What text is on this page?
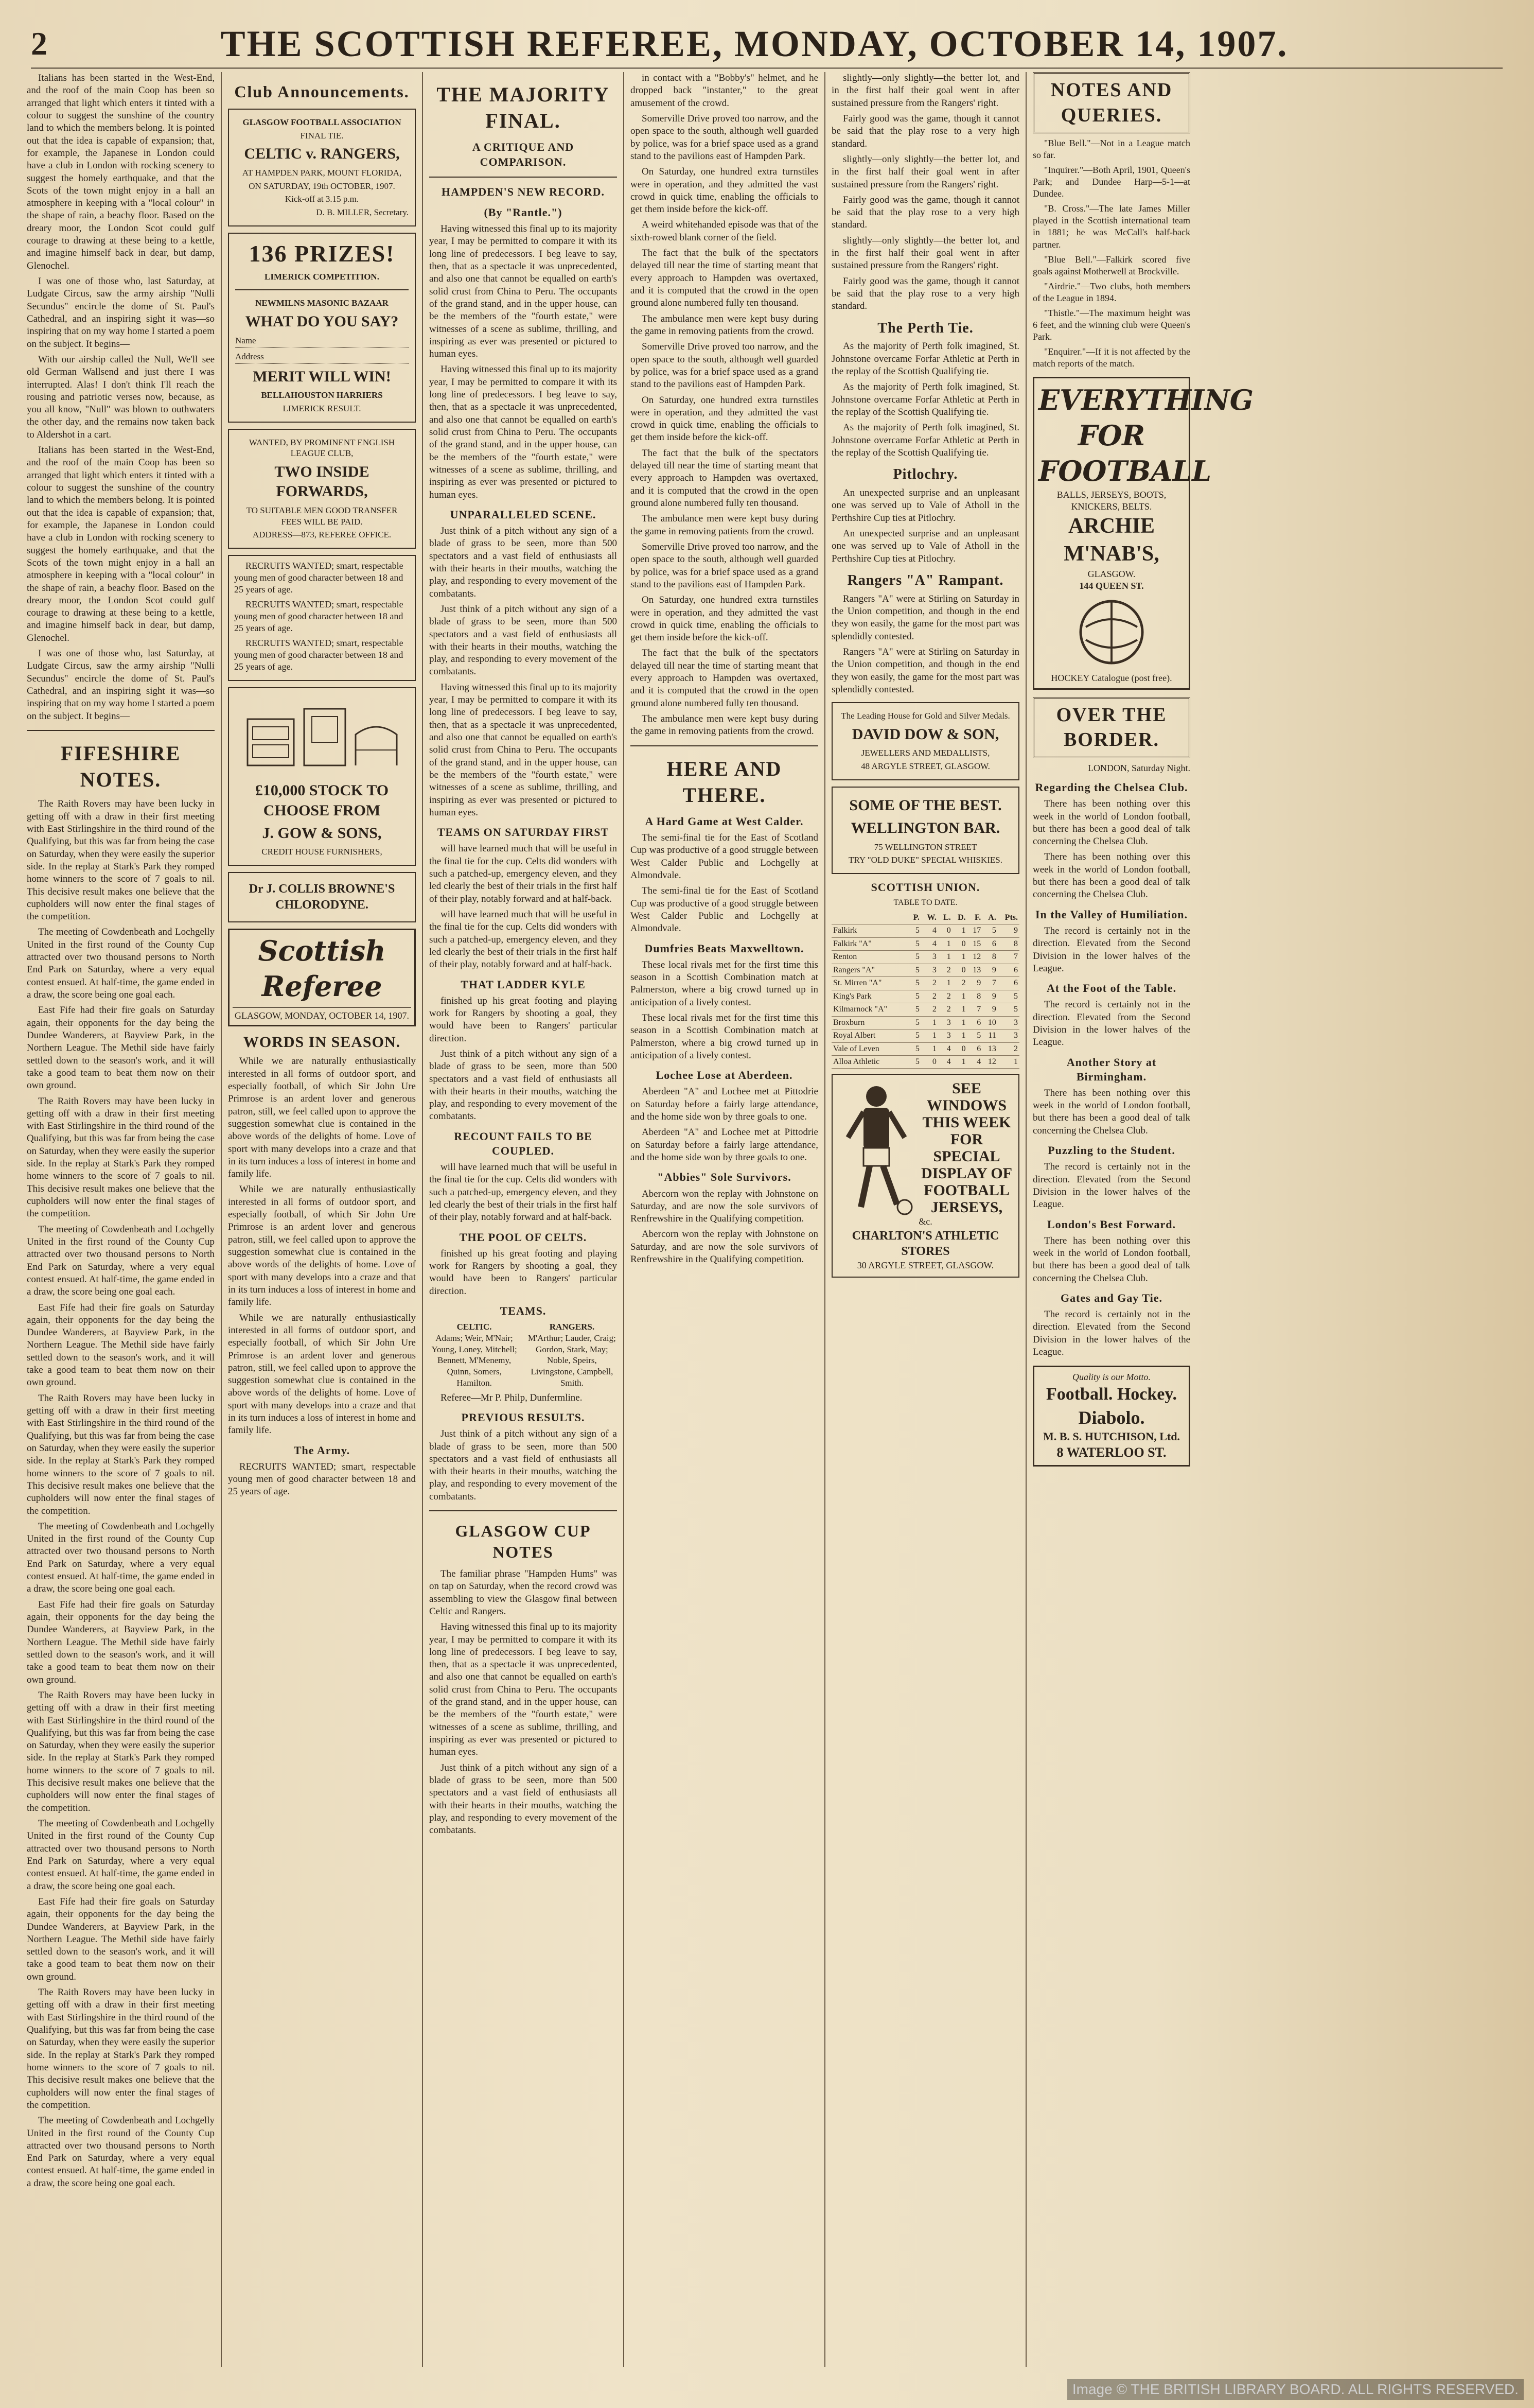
2	THE SCOTTISH REFEREE, MONDAY, OCTOBER 14, 1907.

Italians has been started in the West-End, and the roof of the main Coop has been so arranged that light which enters it tinted with a colour to suggest the sunshine of the country land to which the members belong. It is pointed out that the idea is capable of expansion; that, for example, the Japanese in London could have a club in London with rocking scenery to suggest the homely earthquake, and that the Scots of the town might enjoy in a hall an atmosphere in keeping with a "local colour" in the shape of rain, a beachy floor. Based on the dreary moor, the London Scot could gulf courage to drawing at these being to a kettle, and imagine himself back in dear, but damp, Glenochel.

I was one of those who, last Saturday, at Ludgate Circus, saw the army airship "Nulli Secundus" encircle the dome of St. Paul's Cathedral, and an inspiring sight it was—so inspiring that on my way home I started a poem on the subject. It begins—

With our airship called the Null, We'll see old German Wallsend and just there I was interrupted. Alas! I don't think I'll reach the rousing and patriotic verses now, because, as you all know, "Null" was blown to outhwaters the other day, and the remains now taken back to Aldershot in a cart.

Italians has been started in the West-End, and the roof of the main Coop has been so arranged that light which enters it tinted with a colour to suggest the sunshine of the country land to which the members belong. It is pointed out that the idea is capable of expansion; that, for example, the Japanese in London could have a club in London with rocking scenery to suggest the homely earthquake, and that the Scots of the town might enjoy in a hall an atmosphere in keeping with a "local colour" in the shape of rain, a beachy floor. Based on the dreary moor, the London Scot could gulf courage to drawing at these being to a kettle, and imagine himself back in dear, but damp, Glenochel.

I was one of those who, last Saturday, at Ludgate Circus, saw the army airship "Nulli Secundus" encircle the dome of St. Paul's Cathedral, and an inspiring sight it was—so inspiring that on my way home I started a poem on the subject. It begins—

FIFESHIRE NOTES.

The Raith Rovers may have been lucky in getting off with a draw in their first meeting with East Stirlingshire in the third round of the Qualifying, but this was far from being the case on Saturday, when they were easily the superior side. In the replay at Stark's Park they romped home winners to the score of 7 goals to nil. This decisive result makes one believe that the cupholders will now enter the final stages of the competition.

The meeting of Cowdenbeath and Lochgelly United in the first round of the County Cup attracted over two thousand persons to North End Park on Saturday, where a very equal contest ensued. At half-time, the game ended in a draw, the score being one goal each.

East Fife had their fire goals on Saturday again, their opponents for the day being the Dundee Wanderers, at Bayview Park, in the Northern League. The Methil side have fairly settled down to the season's work, and it will take a good team to beat them now on their own ground.

The Raith Rovers may have been lucky in getting off with a draw in their first meeting with East Stirlingshire in the third round of the Qualifying, but this was far from being the case on Saturday, when they were easily the superior side. In the replay at Stark's Park they romped home winners to the score of 7 goals to nil. This decisive result makes one believe that the cupholders will now enter the final stages of the competition.

The meeting of Cowdenbeath and Lochgelly United in the first round of the County Cup attracted over two thousand persons to North End Park on Saturday, where a very equal contest ensued. At half-time, the game ended in a draw, the score being one goal each.

East Fife had their fire goals on Saturday again, their opponents for the day being the Dundee Wanderers, at Bayview Park, in the Northern League. The Methil side have fairly settled down to the season's work, and it will take a good team to beat them now on their own ground.

The Raith Rovers may have been lucky in getting off with a draw in their first meeting with East Stirlingshire in the third round of the Qualifying, but this was far from being the case on Saturday, when they were easily the superior side. In the replay at Stark's Park they romped home winners to the score of 7 goals to nil. This decisive result makes one believe that the cupholders will now enter the final stages of the competition.

The meeting of Cowdenbeath and Lochgelly United in the first round of the County Cup attracted over two thousand persons to North End Park on Saturday, where a very equal contest ensued. At half-time, the game ended in a draw, the score being one goal each.

East Fife had their fire goals on Saturday again, their opponents for the day being the Dundee Wanderers, at Bayview Park, in the Northern League. The Methil side have fairly settled down to the season's work, and it will take a good team to beat them now on their own ground.

The Raith Rovers may have been lucky in getting off with a draw in their first meeting with East Stirlingshire in the third round of the Qualifying, but this was far from being the case on Saturday, when they were easily the superior side. In the replay at Stark's Park they romped home winners to the score of 7 goals to nil. This decisive result makes one believe that the cupholders will now enter the final stages of the competition.

The meeting of Cowdenbeath and Lochgelly United in the first round of the County Cup attracted over two thousand persons to North End Park on Saturday, where a very equal contest ensued. At half-time, the game ended in a draw, the score being one goal each.

East Fife had their fire goals on Saturday again, their opponents for the day being the Dundee Wanderers, at Bayview Park, in the Northern League. The Methil side have fairly settled down to the season's work, and it will take a good team to beat them now on their own ground.

The Raith Rovers may have been lucky in getting off with a draw in their first meeting with East Stirlingshire in the third round of the Qualifying, but this was far from being the case on Saturday, when they were easily the superior side. In the replay at Stark's Park they romped home winners to the score of 7 goals to nil. This decisive result makes one believe that the cupholders will now enter the final stages of the competition.

The meeting of Cowdenbeath and Lochgelly United in the first round of the County Cup attracted over two thousand persons to North End Park on Saturday, where a very equal contest ensued. At half-time, the game ended in a draw, the score being one goal each.

Club Announcements.
GLASGOW FOOTBALL ASSOCIATION
FINAL TIE.
CELTIC v. RANGERS,
AT HAMPDEN PARK, MOUNT FLORIDA,
ON SATURDAY, 19th OCTOBER, 1907.
Kick-off at 3.15 p.m.
D. B. MILLER, Secretary.
136 PRIZES!
LIMERICK COMPETITION.
NEWMILNS MASONIC BAZAAR
WHAT DO YOU SAY?
Name
Address
MERIT WILL WIN!
BELLAHOUSTON HARRIERS
LIMERICK RESULT.
WANTED, BY PROMINENT ENGLISH LEAGUE CLUB,
TWO INSIDE FORWARDS,
TO SUITABLE MEN GOOD TRANSFER FEES WILL BE PAID.
ADDRESS—873, REFEREE OFFICE.

RECRUITS WANTED; smart, respectable young men of good character between 18 and 25 years of age.

RECRUITS WANTED; smart, respectable young men of good character between 18 and 25 years of age.

RECRUITS WANTED; smart, respectable young men of good character between 18 and 25 years of age.

£10,000 STOCK TO CHOOSE FROM
J. GOW & SONS,
CREDIT HOUSE FURNISHERS,
Dr J. COLLIS BROWNE'S CHLORODYNE.
Scottish Referee
GLASGOW, MONDAY, OCTOBER 14, 1907.
WORDS IN SEASON.

While we are naturally enthusiastically interested in all forms of outdoor sport, and especially football, of which Sir John Ure Primrose is an ardent lover and generous patron, still, we feel called upon to approve the suggestion somewhat clue is contained in the above words of the delights of home. Love of sport with many develops into a craze and that in its turn induces a loss of interest in home and family life.

While we are naturally enthusiastically interested in all forms of outdoor sport, and especially football, of which Sir John Ure Primrose is an ardent lover and generous patron, still, we feel called upon to approve the suggestion somewhat clue is contained in the above words of the delights of home. Love of sport with many develops into a craze and that in its turn induces a loss of interest in home and family life.

While we are naturally enthusiastically interested in all forms of outdoor sport, and especially football, of which Sir John Ure Primrose is an ardent lover and generous patron, still, we feel called upon to approve the suggestion somewhat clue is contained in the above words of the delights of home. Love of sport with many develops into a craze and that in its turn induces a loss of interest in home and family life.

The Army.

RECRUITS WANTED; smart, respectable young men of good character between 18 and 25 years of age.

THE MAJORITY FINAL.
A CRITIQUE AND COMPARISON.
HAMPDEN'S NEW RECORD.
(By "Rantle.")

Having witnessed this final up to its majority year, I may be permitted to compare it with its long line of predecessors. I beg leave to say, then, that as a spectacle it was unprecedented, and also one that cannot be equalled on earth's solid crust from China to Peru. The occupants of the grand stand, and in the upper house, can be the members of the "fourth estate," were witnesses of a scene as sublime, thrilling, and inspiring as ever was presented or pictured to human eyes.

Having witnessed this final up to its majority year, I may be permitted to compare it with its long line of predecessors. I beg leave to say, then, that as a spectacle it was unprecedented, and also one that cannot be equalled on earth's solid crust from China to Peru. The occupants of the grand stand, and in the upper house, can be the members of the "fourth estate," were witnesses of a scene as sublime, thrilling, and inspiring as ever was presented or pictured to human eyes.

UNPARALLELED SCENE.

Just think of a pitch without any sign of a blade of grass to be seen, more than 500 spectators and a vast field of enthusiasts all with their hearts in their mouths, watching the play, and responding to every movement of the combatants.

Just think of a pitch without any sign of a blade of grass to be seen, more than 500 spectators and a vast field of enthusiasts all with their hearts in their mouths, watching the play, and responding to every movement of the combatants.

Having witnessed this final up to its majority year, I may be permitted to compare it with its long line of predecessors. I beg leave to say, then, that as a spectacle it was unprecedented, and also one that cannot be equalled on earth's solid crust from China to Peru. The occupants of the grand stand, and in the upper house, can be the members of the "fourth estate," were witnesses of a scene as sublime, thrilling, and inspiring as ever was presented or pictured to human eyes.

TEAMS ON SATURDAY FIRST

will have learned much that will be useful in the final tie for the cup. Celts did wonders with such a patched-up, emergency eleven, and they led clearly the best of their trials in the first half of their play, notably forward and at half-back.

will have learned much that will be useful in the final tie for the cup. Celts did wonders with such a patched-up, emergency eleven, and they led clearly the best of their trials in the first half of their play, notably forward and at half-back.

THAT LADDER KYLE

finished up his great footing and playing work for Rangers by shooting a goal, they would have been to Rangers' particular direction.

Just think of a pitch without any sign of a blade of grass to be seen, more than 500 spectators and a vast field of enthusiasts all with their hearts in their mouths, watching the play, and responding to every movement of the combatants.

RECOUNT FAILS TO BE COUPLED.

will have learned much that will be useful in the final tie for the cup. Celts did wonders with such a patched-up, emergency eleven, and they led clearly the best of their trials in the first half of their play, notably forward and at half-back.

THE POOL OF CELTS.

finished up his great footing and playing work for Rangers by shooting a goal, they would have been to Rangers' particular direction.

TEAMS.
CELTIC.
Adams; Weir, M'Nair; Young, Loney, Mitchell; Bennett, M'Menemy, Quinn, Somers, Hamilton.
RANGERS.
M'Arthur; Lauder, Craig; Gordon, Stark, May; Noble, Speirs, Livingstone, Campbell, Smith.

Referee—Mr P. Philp, Dunfermline.

PREVIOUS RESULTS.

Just think of a pitch without any sign of a blade of grass to be seen, more than 500 spectators and a vast field of enthusiasts all with their hearts in their mouths, watching the play, and responding to every movement of the combatants.

GLASGOW CUP NOTES

The familiar phrase "Hampden Hums" was on tap on Saturday, when the record crowd was assembling to view the Glasgow final between Celtic and Rangers.

Having witnessed this final up to its majority year, I may be permitted to compare it with its long line of predecessors. I beg leave to say, then, that as a spectacle it was unprecedented, and also one that cannot be equalled on earth's solid crust from China to Peru. The occupants of the grand stand, and in the upper house, can be the members of the "fourth estate," were witnesses of a scene as sublime, thrilling, and inspiring as ever was presented or pictured to human eyes.

Just think of a pitch without any sign of a blade of grass to be seen, more than 500 spectators and a vast field of enthusiasts all with their hearts in their mouths, watching the play, and responding to every movement of the combatants.

in contact with a "Bobby's" helmet, and he dropped back "instanter," to the great amusement of the crowd.

Somerville Drive proved too narrow, and the open space to the south, although well guarded by police, was for a brief space used as a grand stand to the pavilions east of Hampden Park.

On Saturday, one hundred extra turnstiles were in operation, and they admitted the vast crowd in quick time, enabling the officials to get them inside before the kick-off.

A weird whitehanded episode was that of the sixth-rowed blank corner of the field.

The fact that the bulk of the spectators delayed till near the time of starting meant that every approach to Hampden was overtaxed, and it is computed that the crowd in the open ground alone numbered fully ten thousand.

The ambulance men were kept busy during the game in removing patients from the crowd.

Somerville Drive proved too narrow, and the open space to the south, although well guarded by police, was for a brief space used as a grand stand to the pavilions east of Hampden Park.

On Saturday, one hundred extra turnstiles were in operation, and they admitted the vast crowd in quick time, enabling the officials to get them inside before the kick-off.

The fact that the bulk of the spectators delayed till near the time of starting meant that every approach to Hampden was overtaxed, and it is computed that the crowd in the open ground alone numbered fully ten thousand.

The ambulance men were kept busy during the game in removing patients from the crowd.

Somerville Drive proved too narrow, and the open space to the south, although well guarded by police, was for a brief space used as a grand stand to the pavilions east of Hampden Park.

On Saturday, one hundred extra turnstiles were in operation, and they admitted the vast crowd in quick time, enabling the officials to get them inside before the kick-off.

The fact that the bulk of the spectators delayed till near the time of starting meant that every approach to Hampden was overtaxed, and it is computed that the crowd in the open ground alone numbered fully ten thousand.

The ambulance men were kept busy during the game in removing patients from the crowd.

HERE AND THERE.
A Hard Game at West Calder.

The semi-final tie for the East of Scotland Cup was productive of a good struggle between West Calder Public and Lochgelly at Almondvale.

The semi-final tie for the East of Scotland Cup was productive of a good struggle between West Calder Public and Lochgelly at Almondvale.

Dumfries Beats Maxwelltown.

These local rivals met for the first time this season in a Scottish Combination match at Palmerston, where a big crowd turned up in anticipation of a lively contest.

These local rivals met for the first time this season in a Scottish Combination match at Palmerston, where a big crowd turned up in anticipation of a lively contest.

Lochee Lose at Aberdeen.

Aberdeen "A" and Lochee met at Pittodrie on Saturday before a fairly large attendance, and the home side won by three goals to one.

Aberdeen "A" and Lochee met at Pittodrie on Saturday before a fairly large attendance, and the home side won by three goals to one.

"Abbies" Sole Survivors.

Abercorn won the replay with Johnstone on Saturday, and are now the sole survivors of Renfrewshire in the Qualifying competition.

Abercorn won the replay with Johnstone on Saturday, and are now the sole survivors of Renfrewshire in the Qualifying competition.

slightly—only slightly—the better lot, and in the first half their goal went in after sustained pressure from the Rangers' right.

Fairly good was the game, though it cannot be said that the play rose to a very high standard.

slightly—only slightly—the better lot, and in the first half their goal went in after sustained pressure from the Rangers' right.

Fairly good was the game, though it cannot be said that the play rose to a very high standard.

slightly—only slightly—the better lot, and in the first half their goal went in after sustained pressure from the Rangers' right.

Fairly good was the game, though it cannot be said that the play rose to a very high standard.

The Perth Tie.

As the majority of Perth folk imagined, St. Johnstone overcame Forfar Athletic at Perth in the replay of the Scottish Qualifying tie.

As the majority of Perth folk imagined, St. Johnstone overcame Forfar Athletic at Perth in the replay of the Scottish Qualifying tie.

As the majority of Perth folk imagined, St. Johnstone overcame Forfar Athletic at Perth in the replay of the Scottish Qualifying tie.

Pitlochry.

An unexpected surprise and an unpleasant one was served up to Vale of Atholl in the Perthshire Cup ties at Pitlochry.

An unexpected surprise and an unpleasant one was served up to Vale of Atholl in the Perthshire Cup ties at Pitlochry.

Rangers "A" Rampant.

Rangers "A" were at Stirling on Saturday in the Union competition, and though in the end they won easily, the game for the most part was splendidly contested.

Rangers "A" were at Stirling on Saturday in the Union competition, and though in the end they won easily, the game for the most part was splendidly contested.

The Leading House for Gold and Silver Medals.
DAVID DOW & SON,
JEWELLERS AND MEDALLISTS,
48 ARGYLE STREET, GLASGOW.
SOME OF THE BEST.
WELLINGTON BAR.
75 WELLINGTON STREET
TRY "OLD DUKE" SPECIAL WHISKIES.
SCOTTISH UNION.
TABLE TO DATE.
	P.	W.	L.	D.	F.	A.	Pts.
Falkirk	5	4	0	1	17	5	9
Falkirk "A"	5	4	1	0	15	6	8
Renton	5	3	1	1	12	8	7
Rangers "A"	5	3	2	0	13	9	6
St. Mirren "A"	5	2	1	2	9	7	6
King's Park	5	2	2	1	8	9	5
Kilmarnock "A"	5	2	2	1	7	9	5
Broxburn	5	1	3	1	6	10	3
Royal Albert	5	1	3	1	5	11	3
Vale of Leven	5	1	4	0	6	13	2
Alloa Athletic	5	0	4	1	4	12	1
SEE WINDOWS THIS WEEK FOR SPECIAL DISPLAY OF FOOTBALL JERSEYS,
&c.
CHARLTON'S ATHLETIC STORES
30 ARGYLE STREET, GLASGOW.
NOTES AND QUERIES.

"Blue Bell."—Not in a League match so far.

"Inquirer."—Both April, 1901, Queen's Park; and Dundee Harp—5-1—at Dundee.

"B. Cross."—The late James Miller played in the Scottish international team in 1881; he was McCall's half-back partner.

"Blue Bell."—Falkirk scored five goals against Motherwell at Brockville.

"Airdrie."—Two clubs, both members of the League in 1894.

"Thistle."—The maximum height was 6 feet, and the winning club were Queen's Park.

"Enquirer."—If it is not affected by the match reports of the match.

EVERYTHING FOR FOOTBALL
BALLS, JERSEYS, BOOTS, KNICKERS, BELTS.
ARCHIE M'NAB'S,
GLASGOW.
144 QUEEN ST.
HOCKEY Catalogue (post free).
OVER THE BORDER.

LONDON, Saturday Night.

Regarding the Chelsea Club.

There has been nothing over this week in the world of London football, but there has been a good deal of talk concerning the Chelsea Club.

There has been nothing over this week in the world of London football, but there has been a good deal of talk concerning the Chelsea Club.

In the Valley of Humiliation.

The record is certainly not in the direction. Elevated from the Second Division in the lower halves of the League.

At the Foot of the Table.

The record is certainly not in the direction. Elevated from the Second Division in the lower halves of the League.

Another Story at Birmingham.

There has been nothing over this week in the world of London football, but there has been a good deal of talk concerning the Chelsea Club.

Puzzling to the Student.

The record is certainly not in the direction. Elevated from the Second Division in the lower halves of the League.

London's Best Forward.

There has been nothing over this week in the world of London football, but there has been a good deal of talk concerning the Chelsea Club.

Gates and Gay Tie.

The record is certainly not in the direction. Elevated from the Second Division in the lower halves of the League.

Quality is our Motto.
Football. Hockey.
Diabolo.
M. B. S. HUTCHISON, Ltd.
8 WATERLOO ST.
Image © THE BRITISH LIBRARY BOARD. ALL RIGHTS RESERVED.
